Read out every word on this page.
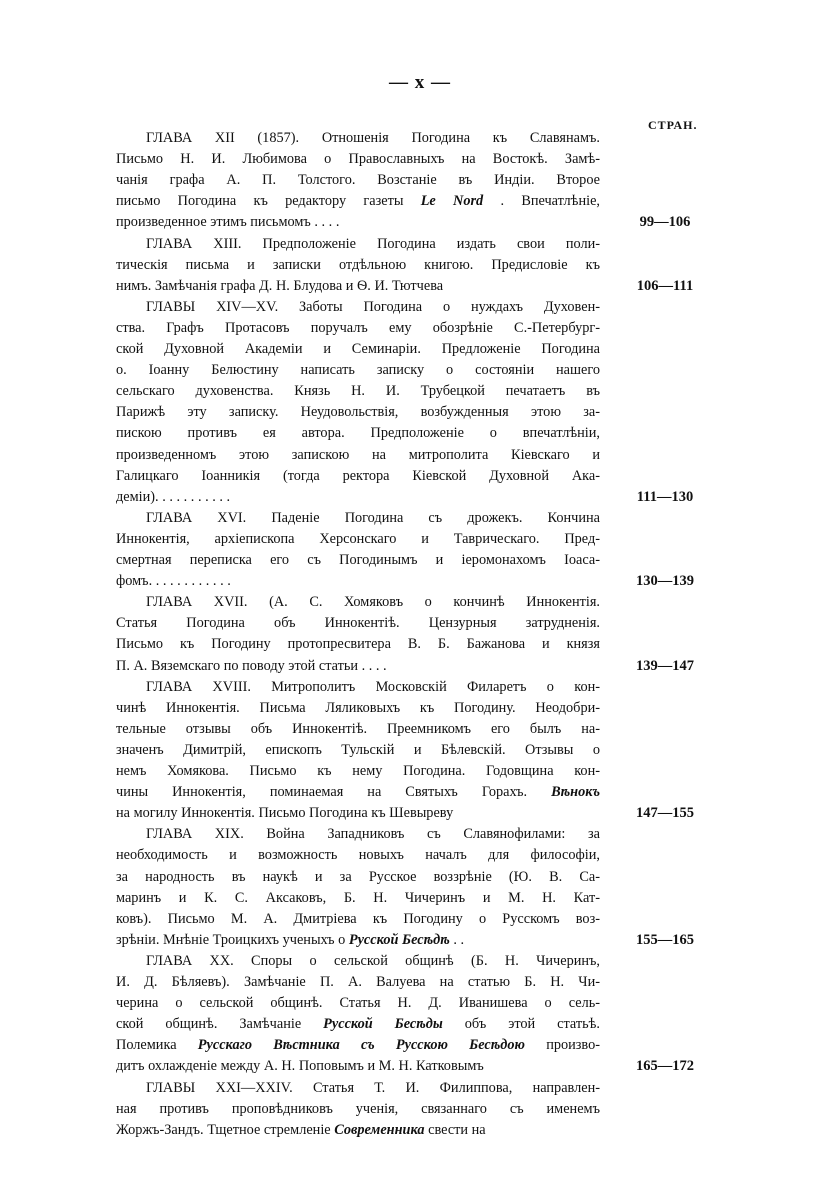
— x —
СТРАН.
ГЛАВА XII (1857). Отношенія Погодина къ Славянамъ.
Письмо Н. И. Любимова о Православныхъ на Востокѣ. Замѣ-
чанія графа А. П. Толстого. Возстаніе въ Индіи. Второе
письмо Погодина къ редактору газеты Le Nord . Впечатлѣніе,
произведенное этимъ письмомъ . . . .	99—106
ГЛАВА XIII. Предположеніе Погодина издать свои поли-
тическія письма и записки отдѣльною книгою. Предисловіе къ
нимъ. Замѣчанія графа Д. Н. Блудова и Ѳ. И. Тютчева	106—111
ГЛАВЫ XIV—XV. Заботы Погодина о нуждахъ Духовен-
ства. Графъ Протасовъ поручалъ ему обозрѣніе С.-Петербург-
ской Духовной Академіи и Семинаріи. Предложеніе Погодина
о. Іоанну Белюстину написать записку о состояніи нашего
сельскаго духовенства. Князь Н. И. Трубецкой печатаетъ въ
Парижѣ эту записку. Неудовольствія, возбужденныя этою за-
пискою противъ ея автора. Предположеніе о впечатлѣніи,
произведенномъ этою запискою на митрополита Кіевскаго и
Галицкаго Іоанникія (тогда ректора Кіевской Духовной Ака-
деміи). . . . . . . . . . .	111—130
ГЛАВА XVI. Паденіе Погодина съ дрожекъ. Кончина
Иннокентія, архіепископа Херсонскаго и Таврическаго. Пред-
смертная переписка его съ Погодинымъ и іеромонахомъ Іоаса-
фомъ. . . . . . . . . . . .	130—139
ГЛАВА XVII. (А. С. Хомяковъ о кончинѣ Иннокентія.
Статья Погодина объ Иннокентіѣ. Цензурныя затрудненія.
Письмо къ Погодину протопресвитера В. Б. Бажанова и князя
П. А. Вяземскаго по поводу этой статьи . . . .	139—147
ГЛАВА XVIII. Митрополитъ Московскій Филаретъ о кон-
чинѣ Иннокентія. Письма Ляликовыхъ къ Погодину. Неодобри-
тельные отзывы объ Иннокентіѣ. Преемникомъ его былъ на-
значенъ Димитрій, епископъ Тульскій и Бѣлевскій. Отзывы о
немъ Хомякова. Письмо къ нему Погодина. Годовщина кон-
чины Иннокентія, поминаемая на Святыхъ Горахъ. Вѣнокъ
на могилу Иннокентія. Письмо Погодина къ Шевыреву	147—155
ГЛАВА XIX. Война Западниковъ съ Славянофилами: за
необходимость и возможность новыхъ началъ для философіи,
за народность въ наукѣ и за Русское воззрѣніе (Ю. В. Са-
маринъ и К. С. Аксаковъ, Б. Н. Чичеринъ и М. Н. Кат-
ковъ). Письмо М. А. Дмитріева къ Погодину о Русскомъ воз-
зрѣніи. Мнѣніе Троицкихъ ученыхъ о Русской Бесѣдѣ . .	155—165
ГЛАВА XX. Споры о сельской общинѣ (Б. Н. Чичеринъ,
И. Д. Бѣляевъ). Замѣчаніе П. А. Валуева на статью Б. Н. Чи-
черина о сельской общинѣ. Статья Н. Д. Иванишева о сель-
ской общинѣ. Замѣчаніе Русской Бесѣды объ этой статьѣ.
Полемика Русскаго Вѣстника съ Русскою Бесѣдою произво-
дитъ охлажденіе между А. Н. Поповымъ и М. Н. Катковымъ	165—172
ГЛАВЫ XXI—XXIV. Статья Т. И. Филиппова, направлен-
ная противъ проповѣдниковъ ученія, связаннаго съ именемъ
Жоржъ-Зандъ. Тщетное стремленіе Современника свести на
